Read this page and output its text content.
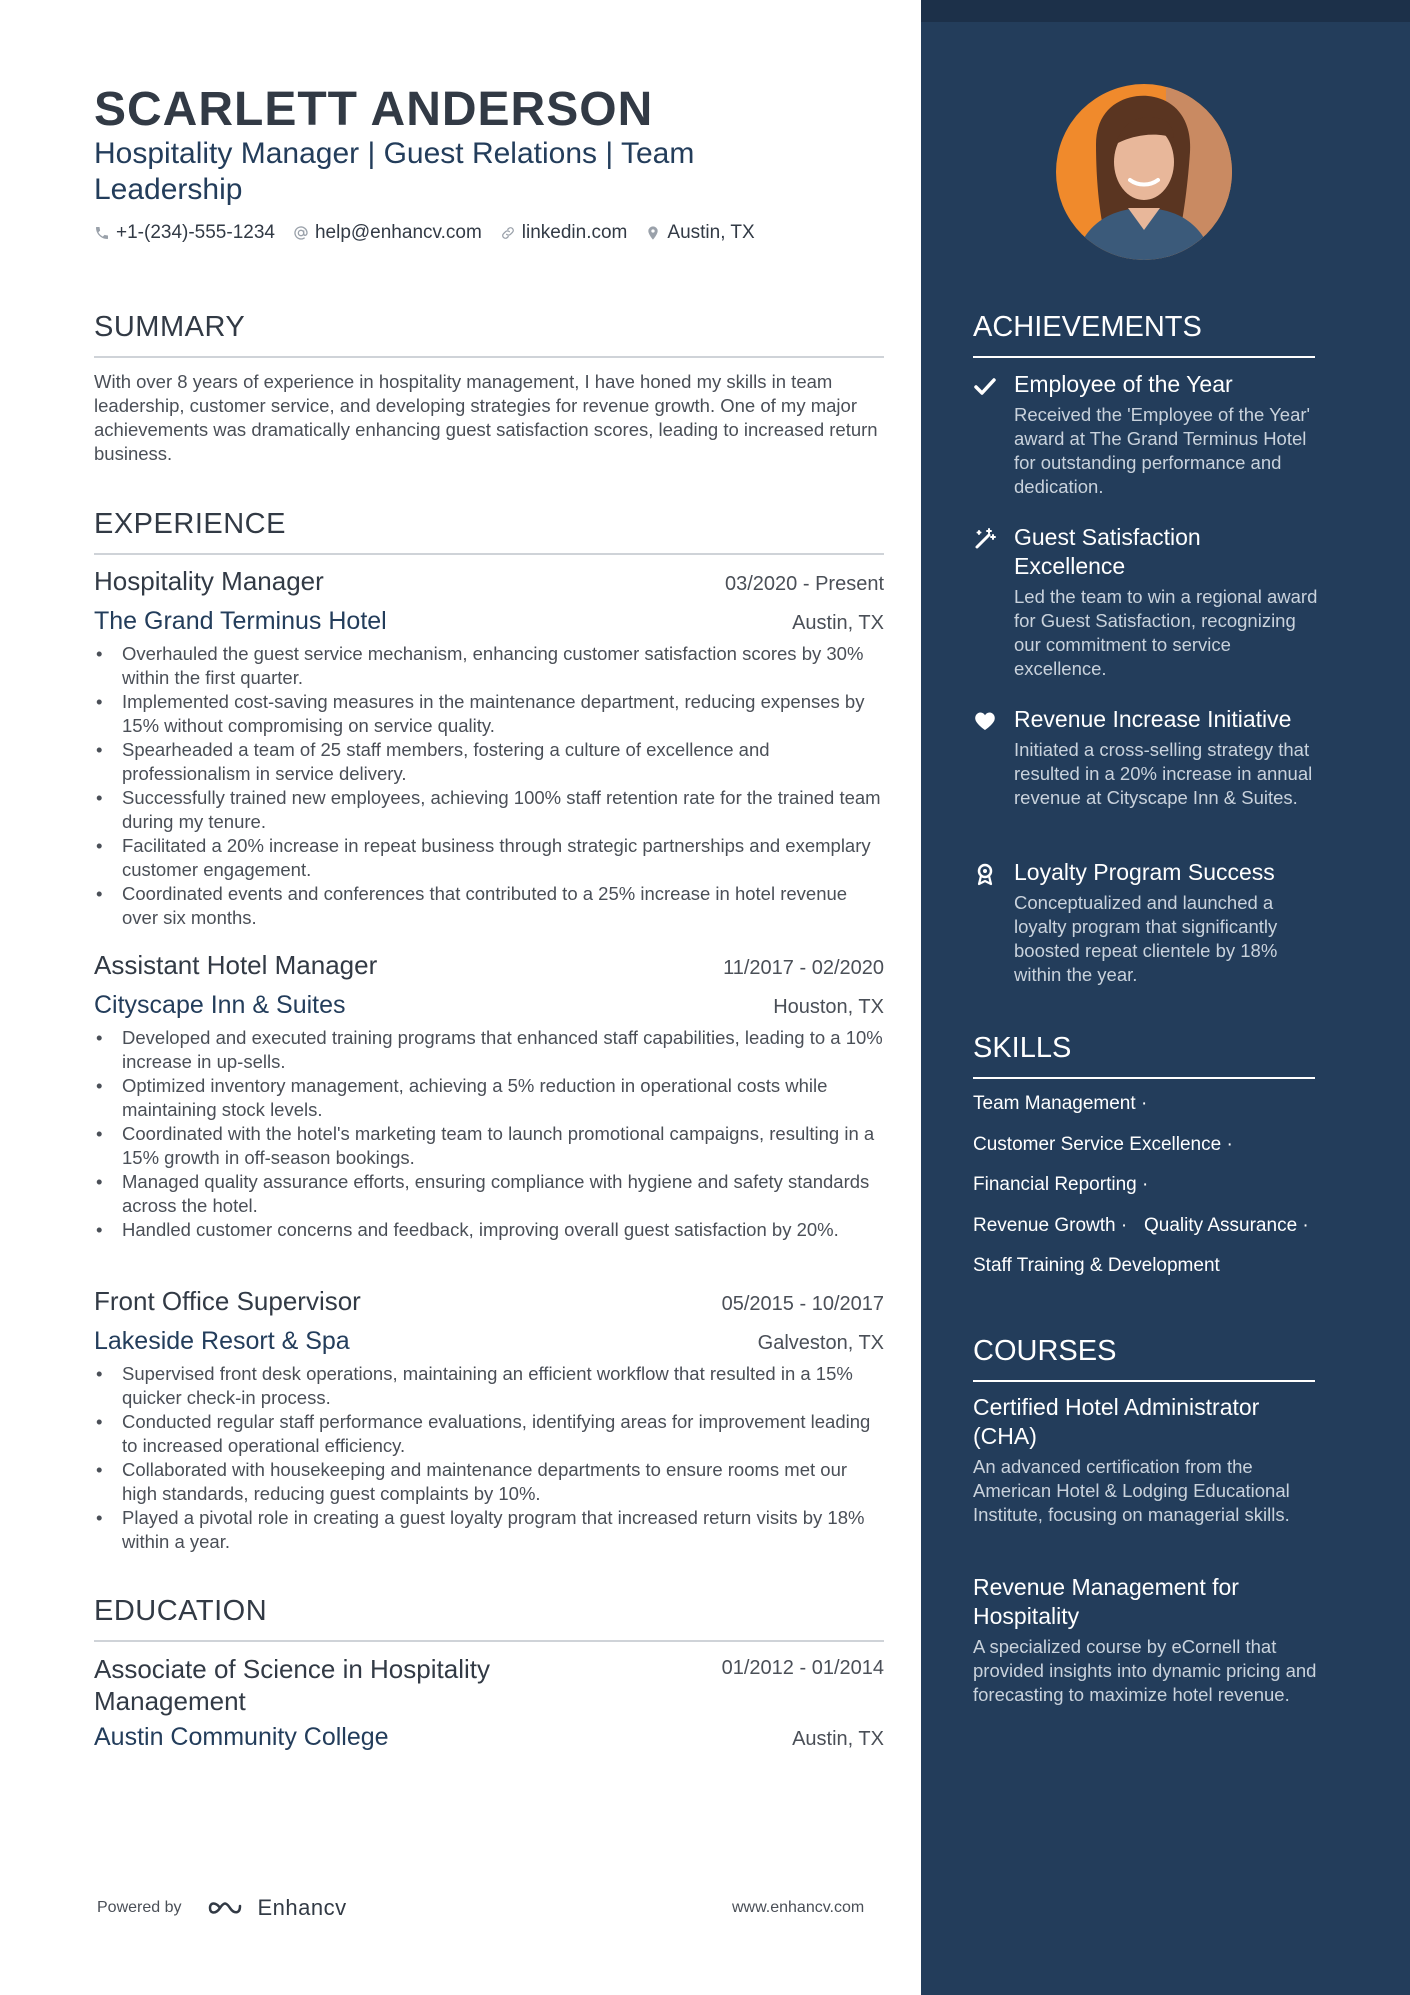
SCARLETT ANDERSON
Hospitality Manager | Guest Relations | Team Leadership
+1-(234)-555-1234 help@enhancv.com linkedin.com Austin, TX
SUMMARY

With over 8 years of experience in hospitality management, I have honed my skills in team leadership, customer service, and developing strategies for revenue growth. One of my major achievements was dramatically enhancing guest satisfaction scores, leading to increased return business.

EXPERIENCE
Hospitality Manager	03/2020 - Present
The Grand Terminus Hotel	Austin, TX
• Overhauled the guest service mechanism, enhancing customer satisfaction scores by 30% within the first quarter.
• Implemented cost-saving measures in the maintenance department, reducing expenses by 15% without compromising on service quality.
• Spearheaded a team of 25 staff members, fostering a culture of excellence and professionalism in service delivery.
• Successfully trained new employees, achieving 100% staff retention rate for the trained team during my tenure.
• Facilitated a 20% increase in repeat business through strategic partnerships and exemplary customer engagement.
• Coordinated events and conferences that contributed to a 25% increase in hotel revenue over six months.
Assistant Hotel Manager	11/2017 - 02/2020
Cityscape Inn & Suites	Houston, TX
• Developed and executed training programs that enhanced staff capabilities, leading to a 10% increase in up-sells.
• Optimized inventory management, achieving a 5% reduction in operational costs while maintaining stock levels.
• Coordinated with the hotel's marketing team to launch promotional campaigns, resulting in a 15% growth in off-season bookings.
• Managed quality assurance efforts, ensuring compliance with hygiene and safety standards across the hotel.
• Handled customer concerns and feedback, improving overall guest satisfaction by 20%.
Front Office Supervisor	05/2015 - 10/2017
Lakeside Resort & Spa	Galveston, TX
• Supervised front desk operations, maintaining an efficient workflow that resulted in a 15% quicker check-in process.
• Conducted regular staff performance evaluations, identifying areas for improvement leading to increased operational efficiency.
• Collaborated with housekeeping and maintenance departments to ensure rooms met our high standards, reducing guest complaints by 10%.
• Played a pivotal role in creating a guest loyalty program that increased return visits by 18% within a year.
EDUCATION
Associate of Science in Hospitality Management
01/2012 - 01/2014
Austin Community College	Austin, TX
Powered by	Enhancv	www.enhancv.com
ACHIEVEMENTS
Employee of the Year
Received the 'Employee of the Year' award at The Grand Terminus Hotel for outstanding performance and dedication.
Guest Satisfaction Excellence
Led the team to win a regional award for Guest Satisfaction, recognizing our commitment to service excellence.
Revenue Increase Initiative
Initiated a cross-selling strategy that resulted in a 20% increase in annual revenue at Cityscape Inn & Suites.
Loyalty Program Success
Conceptualized and launched a loyalty program that significantly boosted repeat clientele by 18% within the year.
SKILLS
Team Management ·
Customer Service Excellence ·
Financial Reporting ·
Revenue Growth · Quality Assurance ·
Staff Training & Development
COURSES
Certified Hotel Administrator (CHA)
An advanced certification from the American Hotel & Lodging Educational Institute, focusing on managerial skills.
Revenue Management for Hospitality
A specialized course by eCornell that provided insights into dynamic pricing and forecasting to maximize hotel revenue.
